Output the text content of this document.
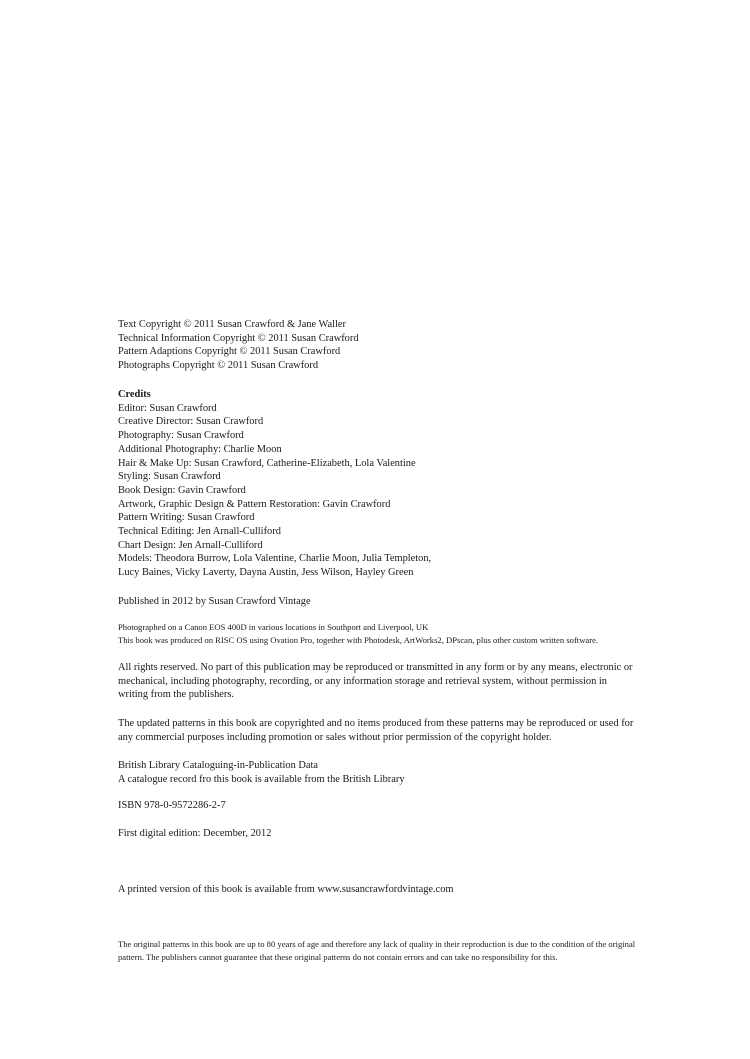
Text Copyright © 2011 Susan Crawford & Jane Waller
Technical Information Copyright © 2011 Susan Crawford
Pattern Adaptions Copyright © 2011 Susan Crawford
Photographs Copyright © 2011 Susan Crawford
Credits
Editor: Susan Crawford
Creative Director: Susan Crawford
Photography: Susan Crawford
Additional Photography: Charlie Moon
Hair & Make Up: Susan Crawford, Catherine-Elizabeth, Lola Valentine
Styling: Susan Crawford
Book Design: Gavin Crawford
Artwork, Graphic Design & Pattern Restoration: Gavin Crawford
Pattern Writing: Susan Crawford
Technical Editing: Jen Arnall-Culliford
Chart Design: Jen Arnall-Culliford
Models: Theodora Burrow, Lola Valentine, Charlie Moon, Julia Templeton,
Lucy Baines, Vicky Laverty, Dayna Austin, Jess Wilson, Hayley Green
Published in 2012 by Susan Crawford Vintage
Photographed on a Canon EOS 400D in various locations in Southport and Liverpool, UK
This book was produced on RISC OS using Ovation Pro, together with Photodesk, ArtWorks2, DPscan, plus other custom written software.
All rights reserved. No part of this publication may be reproduced or transmitted in any form or by any means, electronic or mechanical, including photography, recording, or any information storage and retrieval system, without permission in writing from the publishers.
The updated patterns in this book are copyrighted and no items produced from these patterns may be reproduced or used for any commercial purposes including promotion or sales without prior permission of the copyright holder.
British Library Cataloguing-in-Publication Data
A catalogue record fro this book is available from the British Library
ISBN 978-0-9572286-2-7
First digital edition: December, 2012
A printed version of this book is available from www.susancrawfordvintage.com
The original patterns in this book are up to 80 years of age and therefore any lack of quality in their reproduction is due to the condition of the original pattern. The publishers cannot guarantee that these original patterns do not contain errors and can take no responsibility for this.
